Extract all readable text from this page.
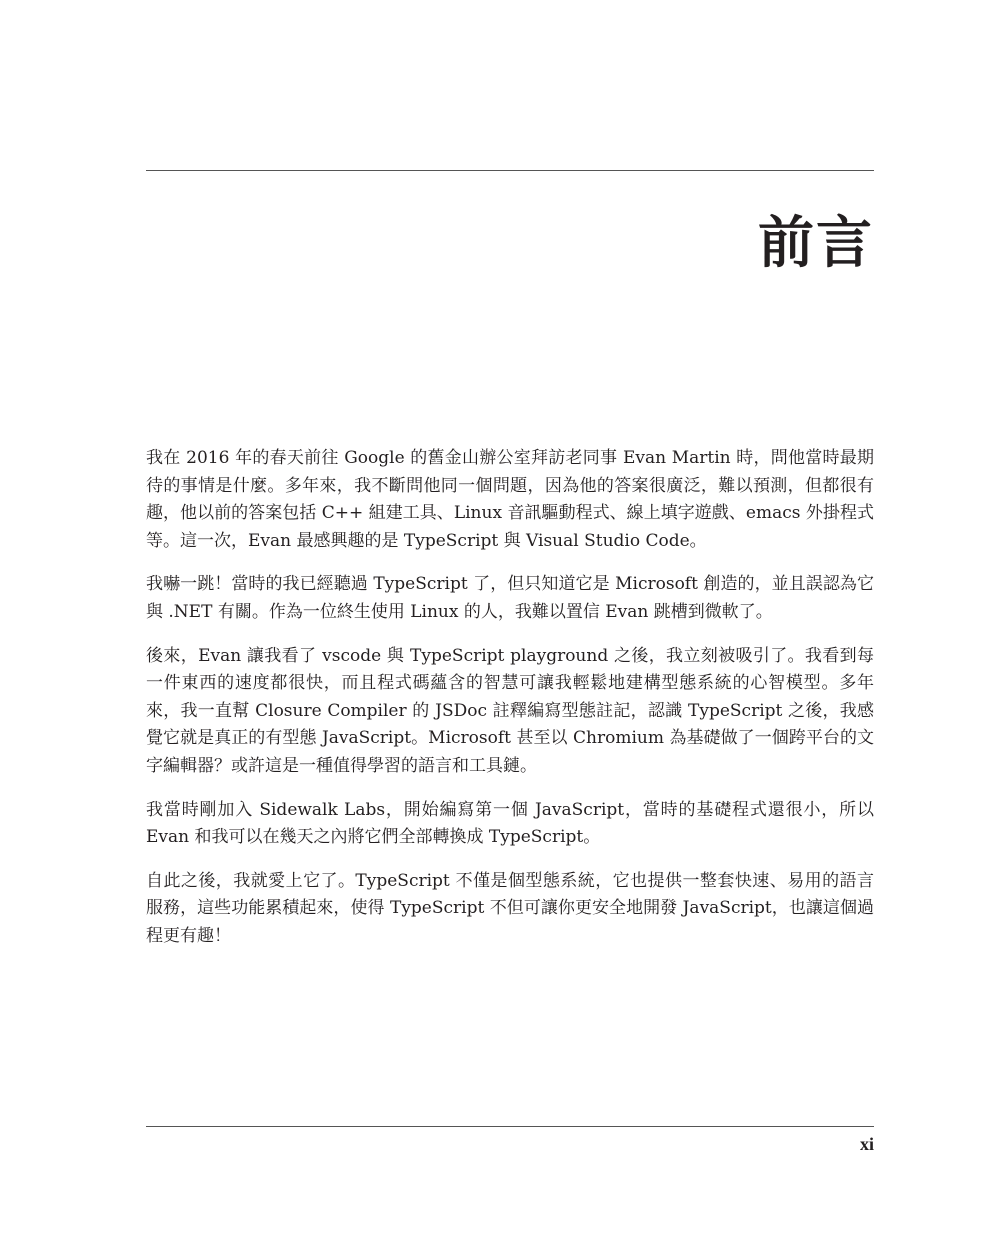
前言

我在 2016 年的春天前往 Google 的舊金山辦公室拜訪老同事 Evan Martin 時，問他當時最期待的事情是什麼。多年來，我不斷問他同一個問題，因為他的答案很廣泛，難以預測，但都很有趣，他以前的答案包括 C++ 組建工具、Linux 音訊驅動程式、線上填字遊戲、emacs 外掛程式等。這一次，Evan 最感興趣的是 TypeScript 與 Visual Studio Code。

我嚇一跳！當時的我已經聽過 TypeScript 了，但只知道它是 Microsoft 創造的，並且誤認為它與 .NET 有關。作為一位終生使用 Linux 的人，我難以置信 Evan 跳槽到微軟了。

後來，Evan 讓我看了 vscode 與 TypeScript playground 之後，我立刻被吸引了。我看到每一件東西的速度都很快，而且程式碼蘊含的智慧可讓我輕鬆地建構型態系統的心智模型。多年來，我一直幫 Closure Compiler 的 JSDoc 註釋編寫型態註記，認識 TypeScript 之後，我感覺它就是真正的有型態 JavaScript。Microsoft 甚至以 Chromium 為基礎做了一個跨平台的文字編輯器？或許這是一種值得學習的語言和工具鏈。

我當時剛加入 Sidewalk Labs，開始編寫第一個 JavaScript，當時的基礎程式還很小，所以 Evan 和我可以在幾天之內將它們全部轉換成 TypeScript。

自此之後，我就愛上它了。TypeScript 不僅是個型態系統，它也提供一整套快速、易用的語言服務，這些功能累積起來，使得 TypeScript 不但可讓你更安全地開發 JavaScript，也讓這個過程更有趣！

xi
